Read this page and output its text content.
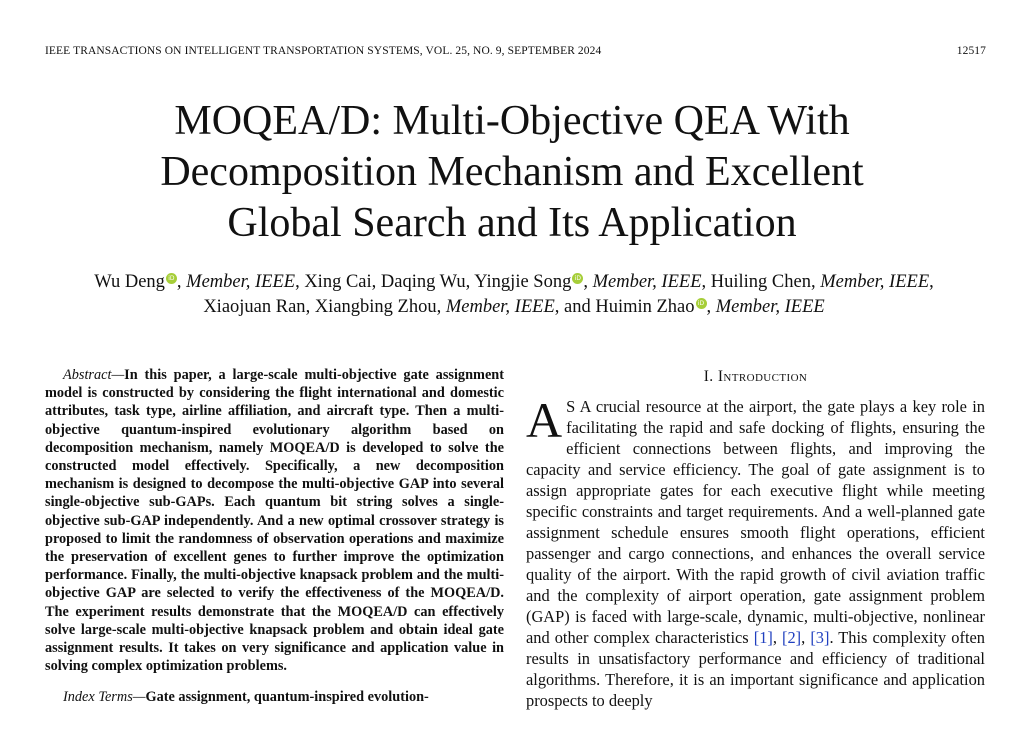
IEEE TRANSACTIONS ON INTELLIGENT TRANSPORTATION SYSTEMS, VOL. 25, NO. 9, SEPTEMBER 2024	12517
MOQEA/D: Multi-Objective QEA With
Decomposition Mechanism and Excellent
Global Search and Its Application
Wu Deng iD , Member, IEEE, Xing Cai, Daqing Wu, Yingjie Song iD , Member, IEEE, Huiling Chen, Member, IEEE,
Xiaojuan Ran, Xiangbing Zhou, Member, IEEE, and Huimin Zhao iD , Member, IEEE

Abstract—In this paper, a large-scale multi-objective gate assignment model is constructed by considering the flight international and domestic attributes, task type, airline affiliation, and aircraft type. Then a multi-objective quantum-inspired evolutionary algorithm based on decomposition mechanism, namely MOQEA/D is developed to solve the constructed model effectively. Specifically, a new decomposition mechanism is designed to decompose the multi-objective GAP into several single-objective sub-GAPs. Each quantum bit string solves a single-objective sub-GAP independently. And a new optimal crossover strategy is proposed to limit the randomness of observation operations and maximize the preservation of excellent genes to further improve the optimization performance. Finally, the multi-objective knapsack problem and the multi-objective GAP are selected to verify the effectiveness of the MOQEA/D. The experiment results demonstrate that the MOQEA/D can effectively solve large-scale multi-objective knapsack problem and obtain ideal gate assignment results. It takes on very significance and application value in solving complex optimization problems.

Index Terms—Gate assignment, quantum-inspired evolution-

I. Introduction

A S A crucial resource at the airport, the gate plays a key role in facilitating the rapid and safe docking of flights, ensuring the efficient connections between flights, and improving the capacity and service efficiency. The goal of gate assignment is to assign appropriate gates for each executive flight while meeting specific constraints and target requirements. And a well-planned gate assignment schedule ensures smooth flight operations, efficient passenger and cargo connections, and enhances the overall service quality of the airport. With the rapid growth of civil aviation traffic and the complexity of airport operation, gate assignment problem (GAP) is faced with large-scale, dynamic, multi-objective, nonlinear and other complex characteristics [1], [2], [3]. This complexity often results in unsatisfactory performance and efficiency of traditional algorithms. Therefore, it is an important significance and application prospects to deeply
